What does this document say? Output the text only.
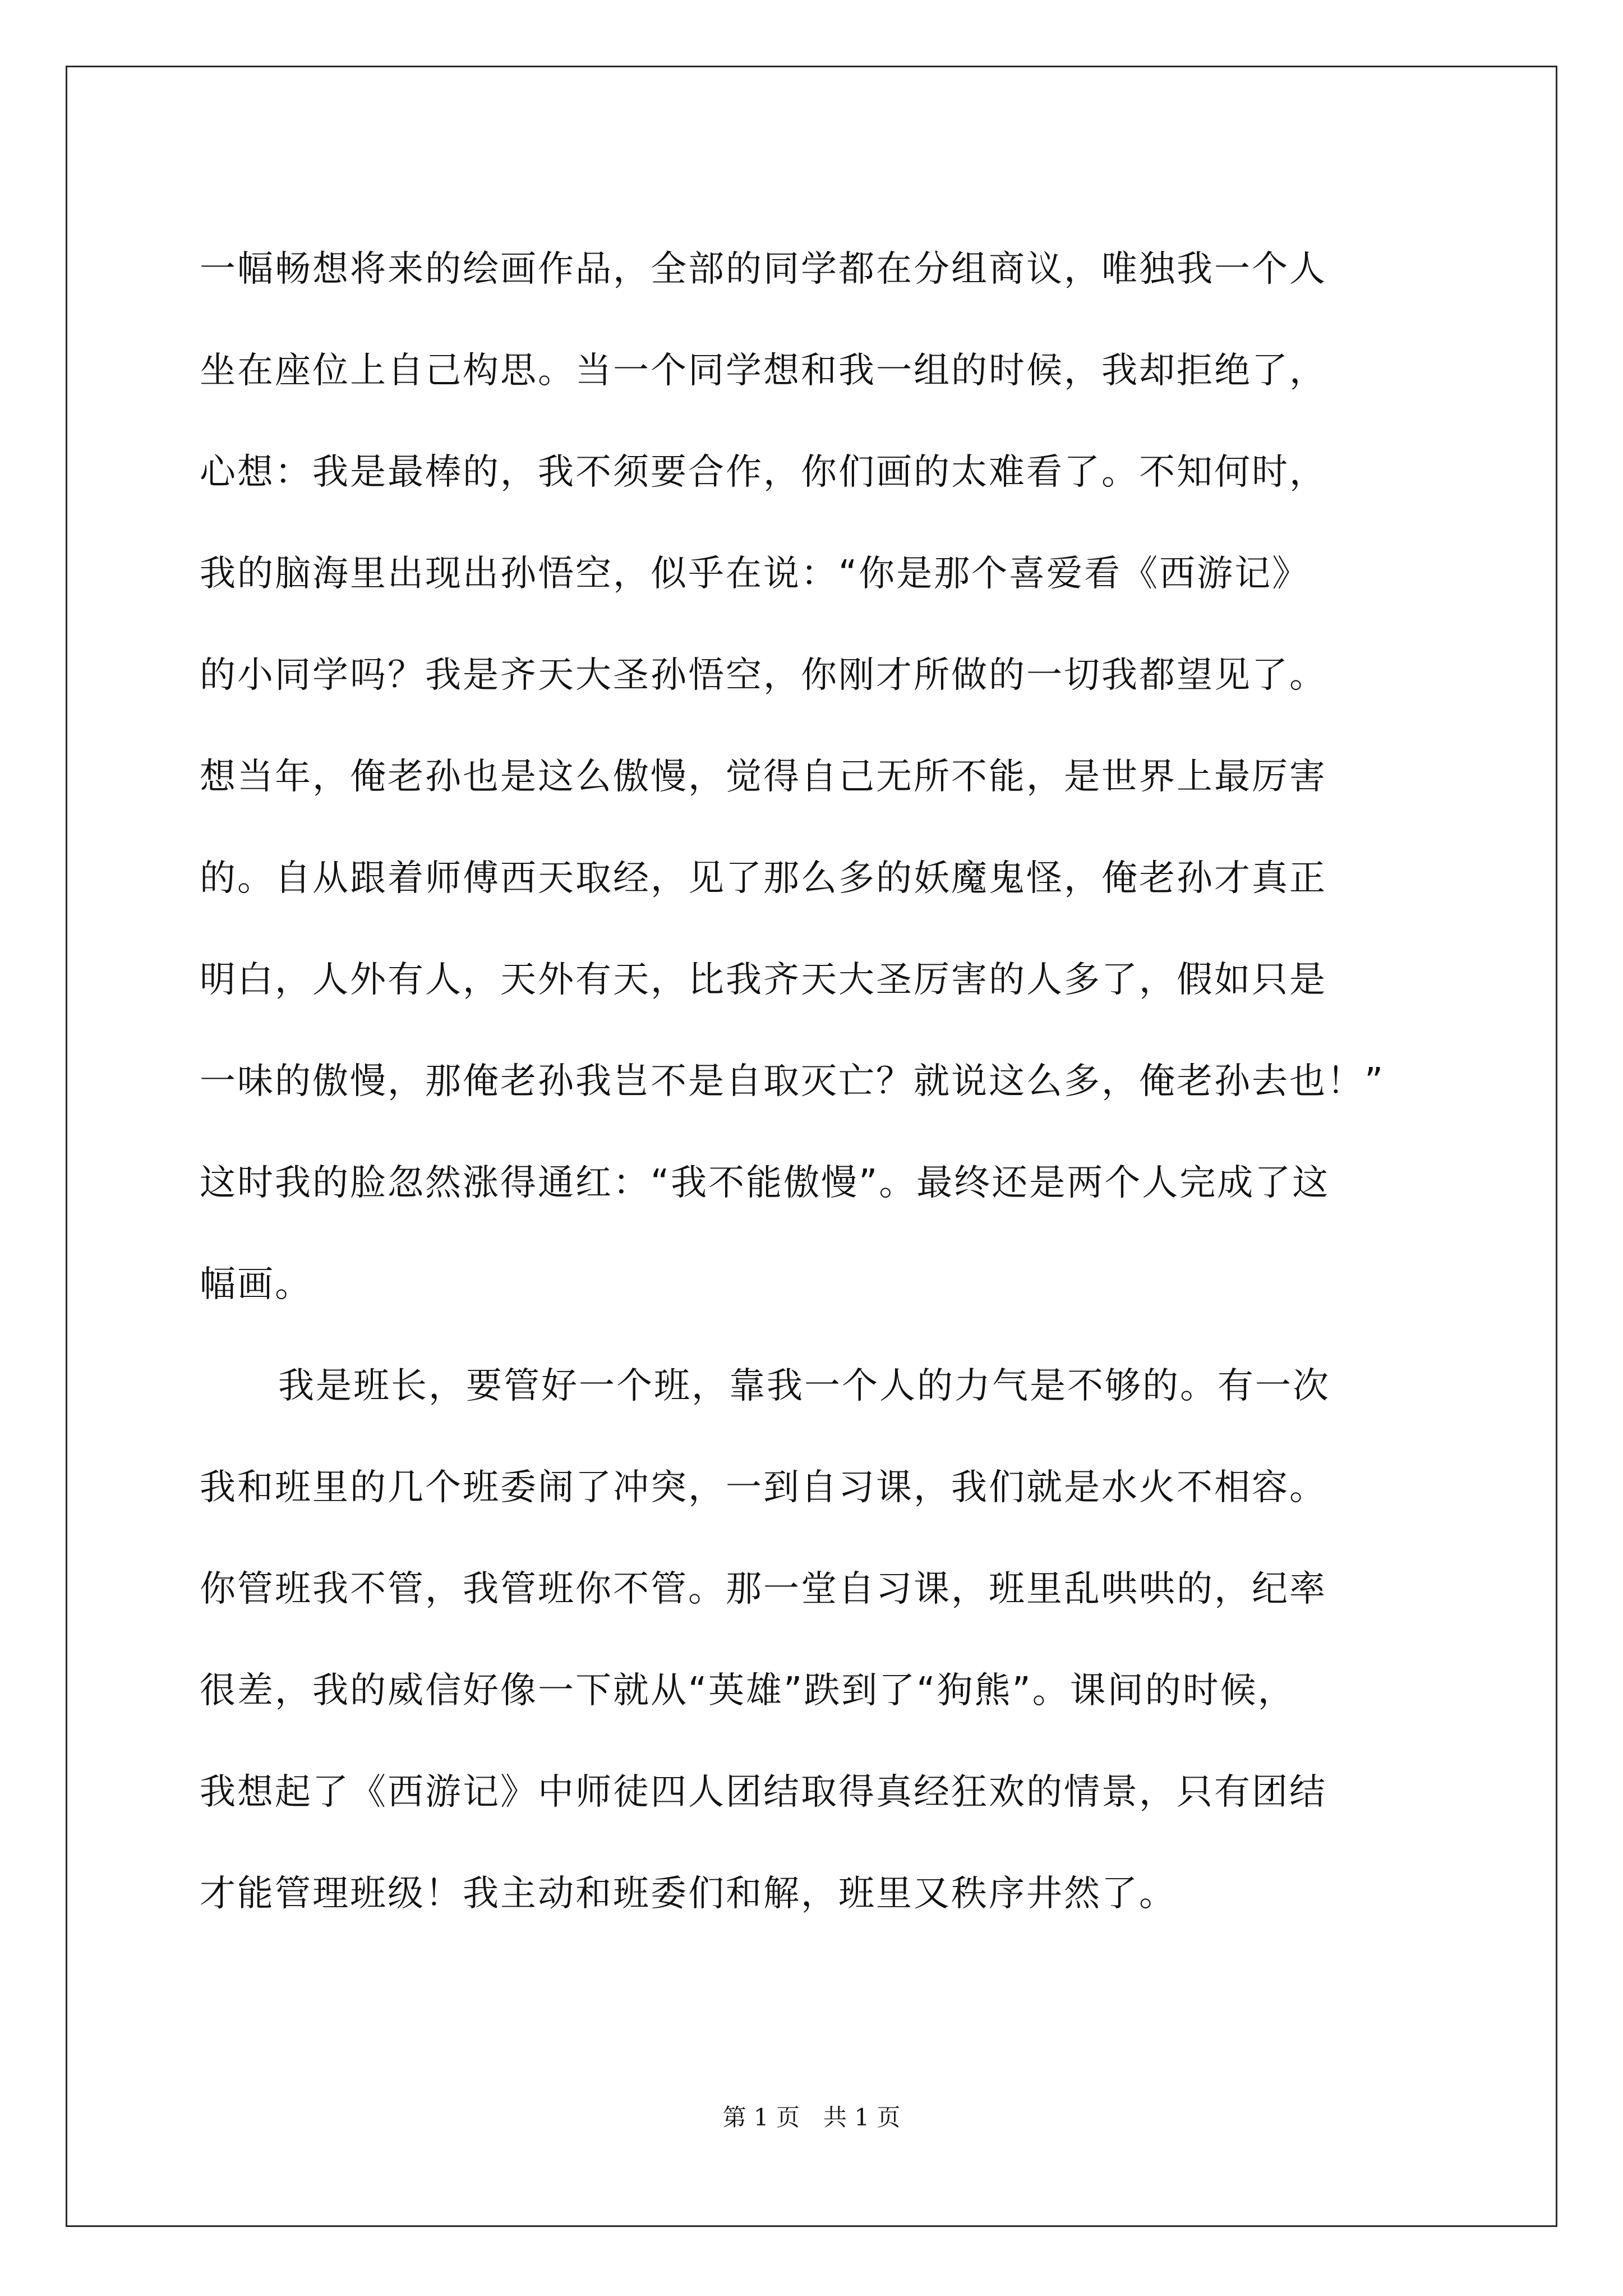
一幅畅想将来的绘画作品，全部的同学都在分组商议，唯独我一个人
坐在座位上自己构思。当一个同学想和我一组的时候，我却拒绝了，
心想：我是最棒的，我不须要合作，你们画的太难看了。不知何时，
我的脑海里出现出孙悟空，似乎在说：“你是那个喜爱看《西游记》
的小同学吗？我是齐天大圣孙悟空，你刚才所做的一切我都望见了。
想当年，俺老孙也是这么傲慢，觉得自己无所不能，是世界上最厉害
的。自从跟着师傅西天取经，见了那么多的妖魔鬼怪，俺老孙才真正
明白，人外有人，天外有天，比我齐天大圣厉害的人多了，假如只是
一味的傲慢，那俺老孙我岂不是自取灭亡？就说这么多，俺老孙去也！”
这时我的脸忽然涨得通红：“我不能傲慢”。最终还是两个人完成了这
幅画。
我是班长，要管好一个班，靠我一个人的力气是不够的。有一次
我和班里的几个班委闹了冲突，一到自习课，我们就是水火不相容。
你管班我不管，我管班你不管。那一堂自习课，班里乱哄哄的，纪率
很差，我的威信好像一下就从“英雄”跌到了“狗熊”。课间的时候，
我想起了《西游记》中师徒四人团结取得真经狂欢的情景，只有团结
才能管理班级！我主动和班委们和解，班里又秩序井然了。
第 1 页　共 1 页
